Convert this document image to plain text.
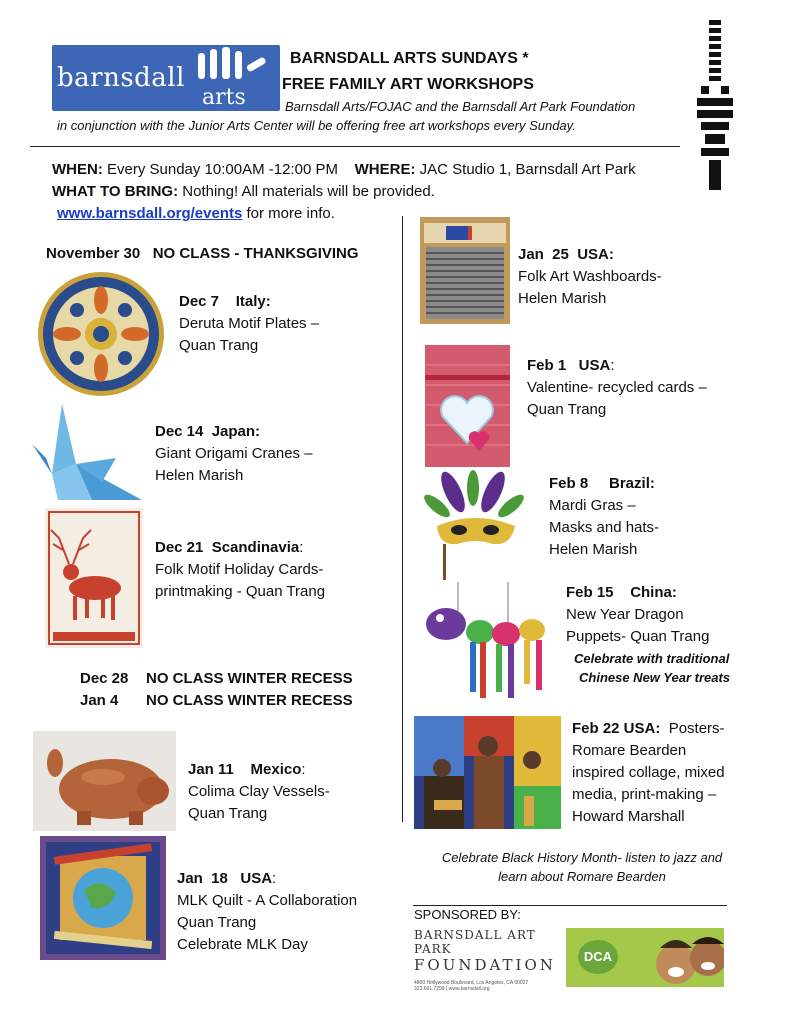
barnsdall
arts
BARNSDALL ARTS SUNDAYS *
FREE FAMILY ART WORKSHOPS
Barnsdall Arts/FOJAC and the Barnsdall Art Park Foundation
in conjunction with the Junior Arts Center will be offering free art workshops every Sunday.
WHEN: Every Sunday 10:00AM -12:00 PM WHERE: JAC Studio 1, Barnsdall Art Park
WHAT TO BRING: Nothing! All materials will be provided.
www.barnsdall.org/events for more info.
November 30   NO CLASS - THANKSGIVING
Dec 7    Italy:
Deruta Motif Plates –
Quan Trang
Dec 14  Japan:
Giant Origami Cranes –
Helen Marish
Dec 21  Scandinavia:
Folk Motif Holiday Cards-
printmaking - Quan Trang
Dec 28 NO CLASS WINTER RECESS
Jan 4 NO CLASS WINTER RECESS
Jan 11    Mexico:
Colima Clay Vessels-
Quan Trang
Jan  18   USA:
MLK Quilt - A Collaboration
Quan Trang
Celebrate MLK Day
Jan  25  USA:
Folk Art Washboards-
Helen Marish
Feb 1   USA:
Valentine- recycled cards –
Quan Trang
Feb 8     Brazil:
Mardi Gras –
Masks and hats-
Helen Marish
Feb 15    China:
New Year Dragon
Puppets- Quan Trang
Celebrate with traditional
Chinese New Year treats
Feb 22 USA:  Posters-
Romare Bearden
inspired collage, mixed
media, print-making –
Howard Marshall
Celebrate Black History Month- listen to jazz and
learn about Romare Bearden
SPONSORED BY:
BARNSDALL ART PARK
FOUNDATION
4800 Hollywood Boulevard, Los Angeles, CA 90027
323.661.7299 | www.barnsdall.org
DCA
